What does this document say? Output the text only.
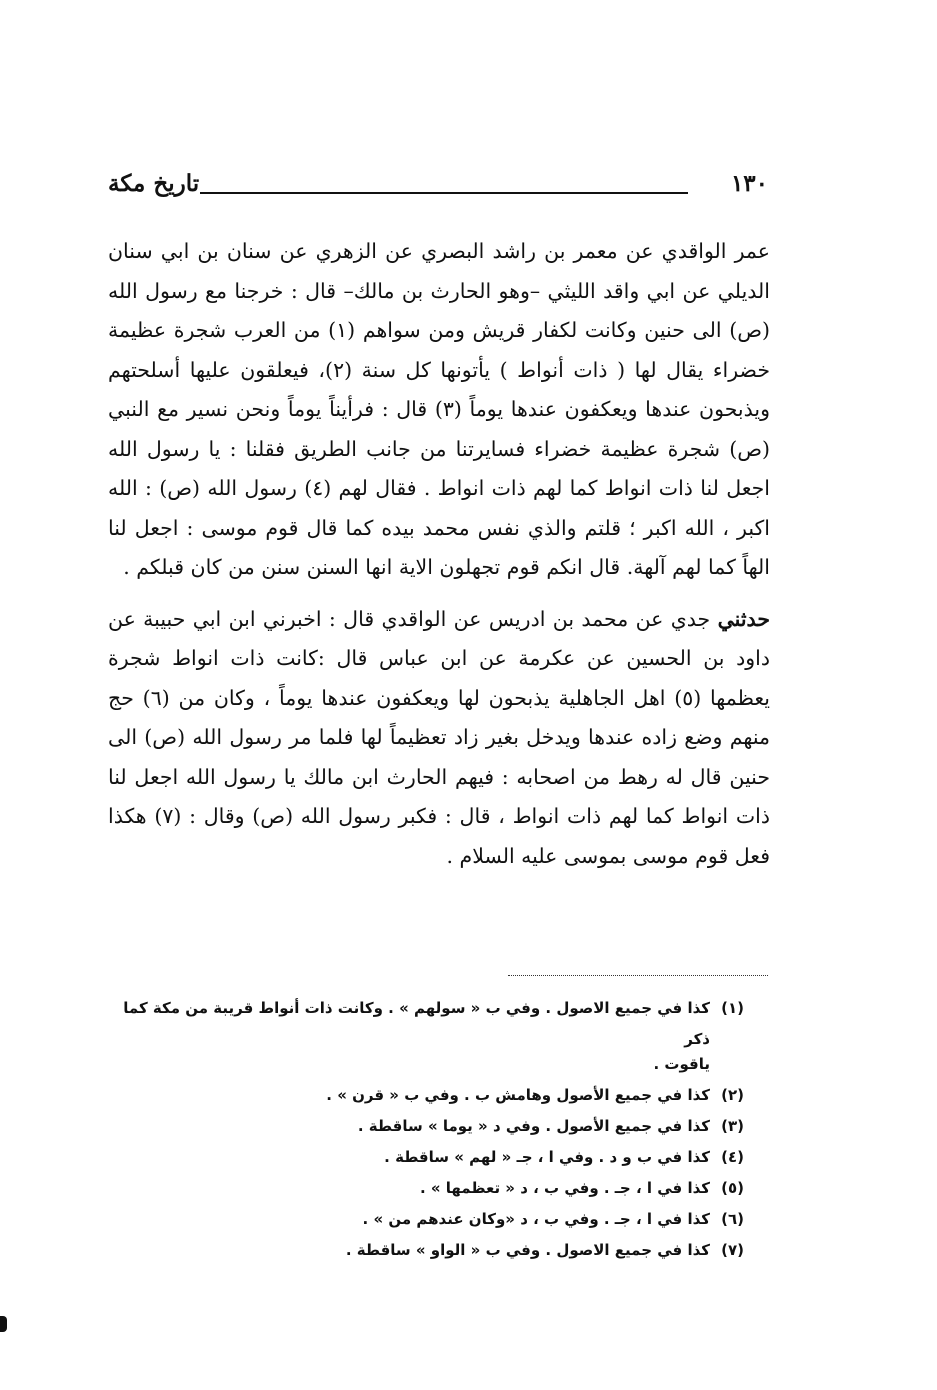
١٣٠
تاريخ مكة

عمر الواقدي عن معمر بن راشد البصري عن الزهري عن سنان بن ابي سنان الديلي عن ابي واقد الليثي –وهو الحارث بن مالك– قال : خرجنا مع رسول الله (ص) الى حنين وكانت لكفار قريش ومن سواهم (١) من العرب شجرة عظيمة خضراء يقال لها ( ذات أنواط ) يأتونها كل سنة (٢)، فيعلقون عليها أسلحتهم ويذبحون عندها ويعكفون عندها يوماً (٣) قال : فرأيناً يوماً ونحن نسير مع النبي (ص) شجرة عظيمة خضراء فسايرتنا من جانب الطريق فقلنا : يا رسول الله اجعل لنا ذات انواط كما لهم ذات انواط . فقال لهم (٤) رسول الله (ص) : الله اكبر ، الله اكبر ؛ قلتم والذي نفس محمد بيده كما قال قوم موسى : اجعل لنا الهاً كما لهم آلهة. قال انكم قوم تجهلون الاية انها السنن سنن من كان قبلكم .

حدثني جدي عن محمد بن ادريس عن الواقدي قال : اخبرني ابن ابي حبيبة عن داود بن الحسين عن عكرمة عن ابن عباس قال :كانت ذات انواط شجرة يعظمها (٥) اهل الجاهلية يذبحون لها ويعكفون عندها يوماً ، وكان من (٦) حج منهم وضع زاده عندها ويدخل بغير زاد تعظيماً لها فلما مر رسول الله (ص) الى حنين قال له رهط من اصحابه : فيهم الحارث ابن مالك يا رسول الله اجعل لنا ذات انواط كما لهم ذات انواط ، قال : فكبر رسول الله (ص) وقال : (٧) هكذا فعل قوم موسى بموسى عليه السلام .

(١)
كذا في جميع الاصول . وفي ب « سولهم » . وكانت ذات أنواط قريبة من مكة كما ذكر
ياقوت .
(٢)
كذا في جميع الأصول وهامش ب . وفي ب « قرن » .
(٣)
كذا في جميع الأصول . وفي د « يوما » ساقطة .
(٤)
كذا في ب و د . وفي ا ، جـ « لهم » ساقطة .
(٥)
كذا في ا ، جـ . وفي ب ، د « تعظمها » .
(٦)
كذا في ا ، جـ . وفي ب ، د «وكان عندهم من » .
(٧)
كذا في جميع الاصول . وفي ب « الواو » ساقطة .
